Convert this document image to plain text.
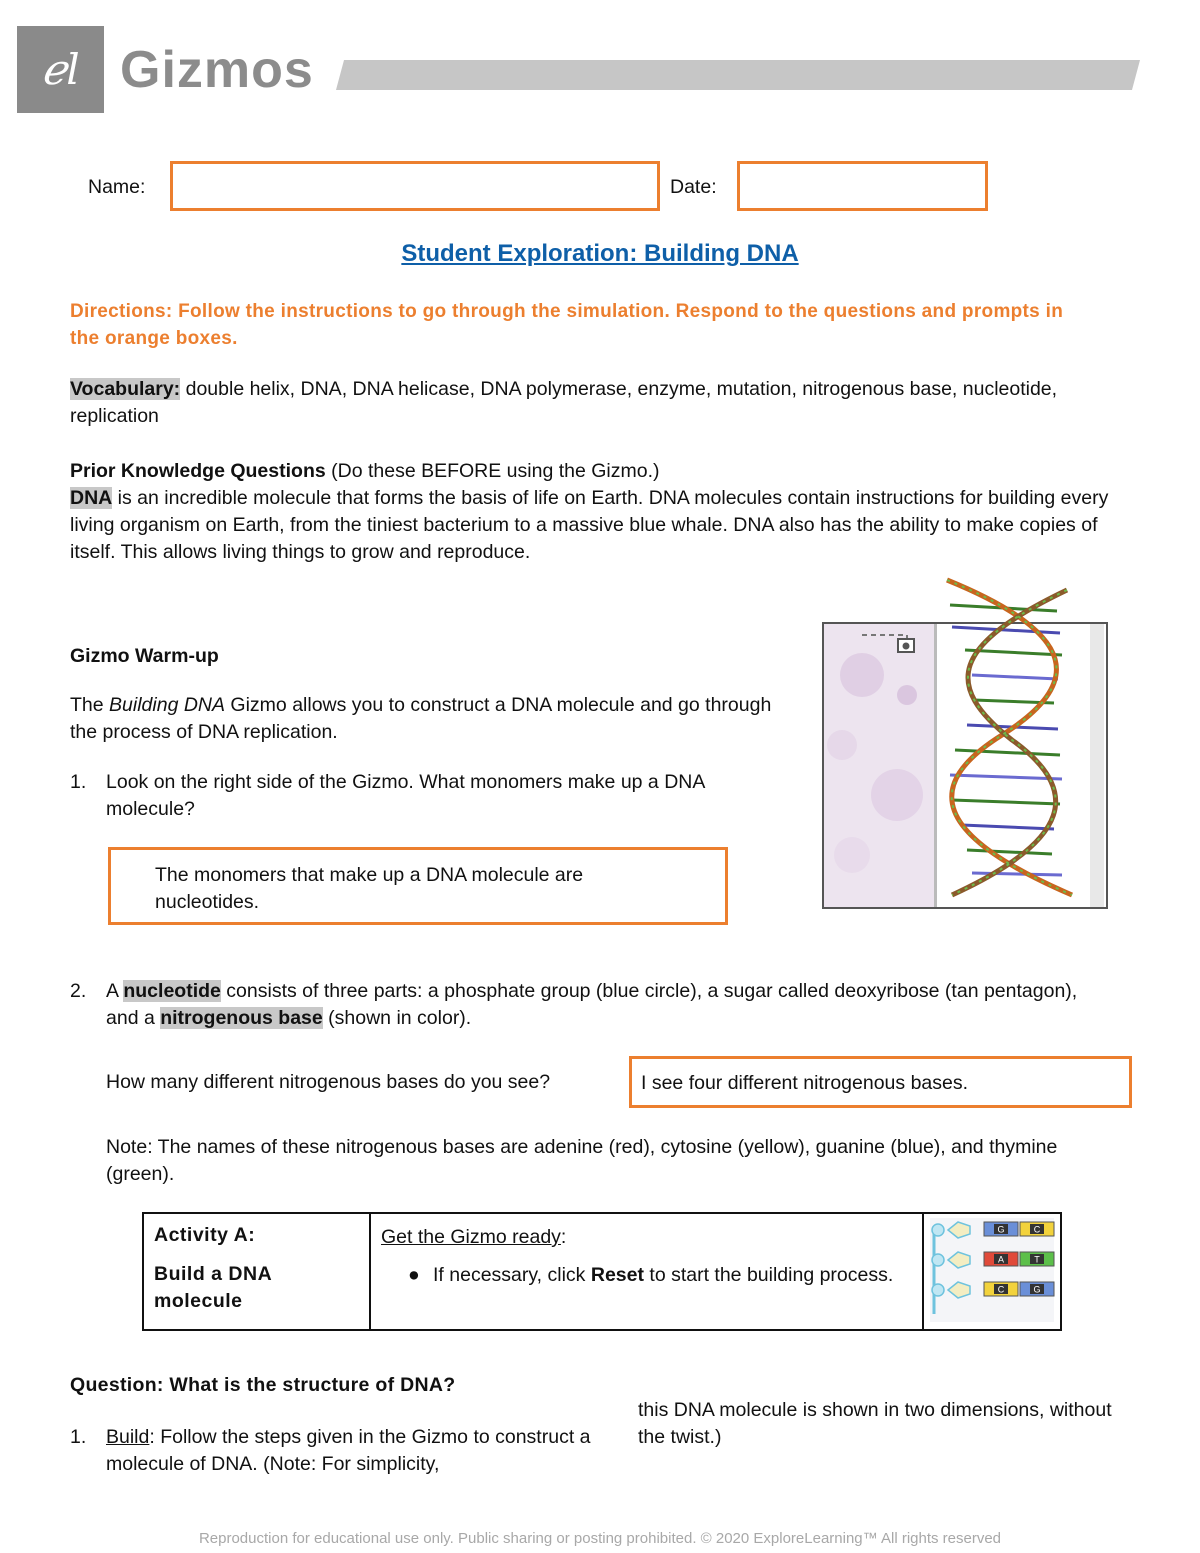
ℯl Gizmos
Name:	Date:
Student Exploration: Building DNA
Directions: Follow the instructions to go through the simulation. Respond to the questions and prompts in the orange boxes.
Vocabulary: double helix, DNA, DNA helicase, DNA polymerase, enzyme, mutation, nitrogenous base, nucleotide, replication
Prior Knowledge Questions (Do these BEFORE using the Gizmo.)
DNA is an incredible molecule that forms the basis of life on Earth. DNA molecules contain instructions for building every living organism on Earth, from the tiniest bacterium to a massive blue whale. DNA also has the ability to make copies of itself. This allows living things to grow and reproduce.
Gizmo Warm-up
The Building DNA Gizmo allows you to construct a DNA molecule and go through the process of DNA replication.
1. Look on the right side of the Gizmo. What monomers make up a DNA molecule?
The monomers that make up a DNA molecule are nucleotides.
2. A nucleotide consists of three parts: a phosphate group (blue circle), a sugar called deoxyribose (tan pentagon), and a nitrogenous base (shown in color).
How many different nitrogenous bases do you see?	I see four different nitrogenous bases.
Note: The names of these nitrogenous bases are adenine (red), cytosine (yellow), guanine (blue), and thymine (green).
Activity A:
Build a DNA molecule

Get the Gizmo ready:
● If necessary, click Reset to start the building process.

G	C
A	T
C	G
Question: What is the structure of DNA?
1. Build: Follow the steps given in the Gizmo to construct a molecule of DNA. (Note: For simplicity,
this DNA molecule is shown in two dimensions, without the twist.)
Reproduction for educational use only. Public sharing or posting prohibited. © 2020 ExploreLearning™ All rights reserved
